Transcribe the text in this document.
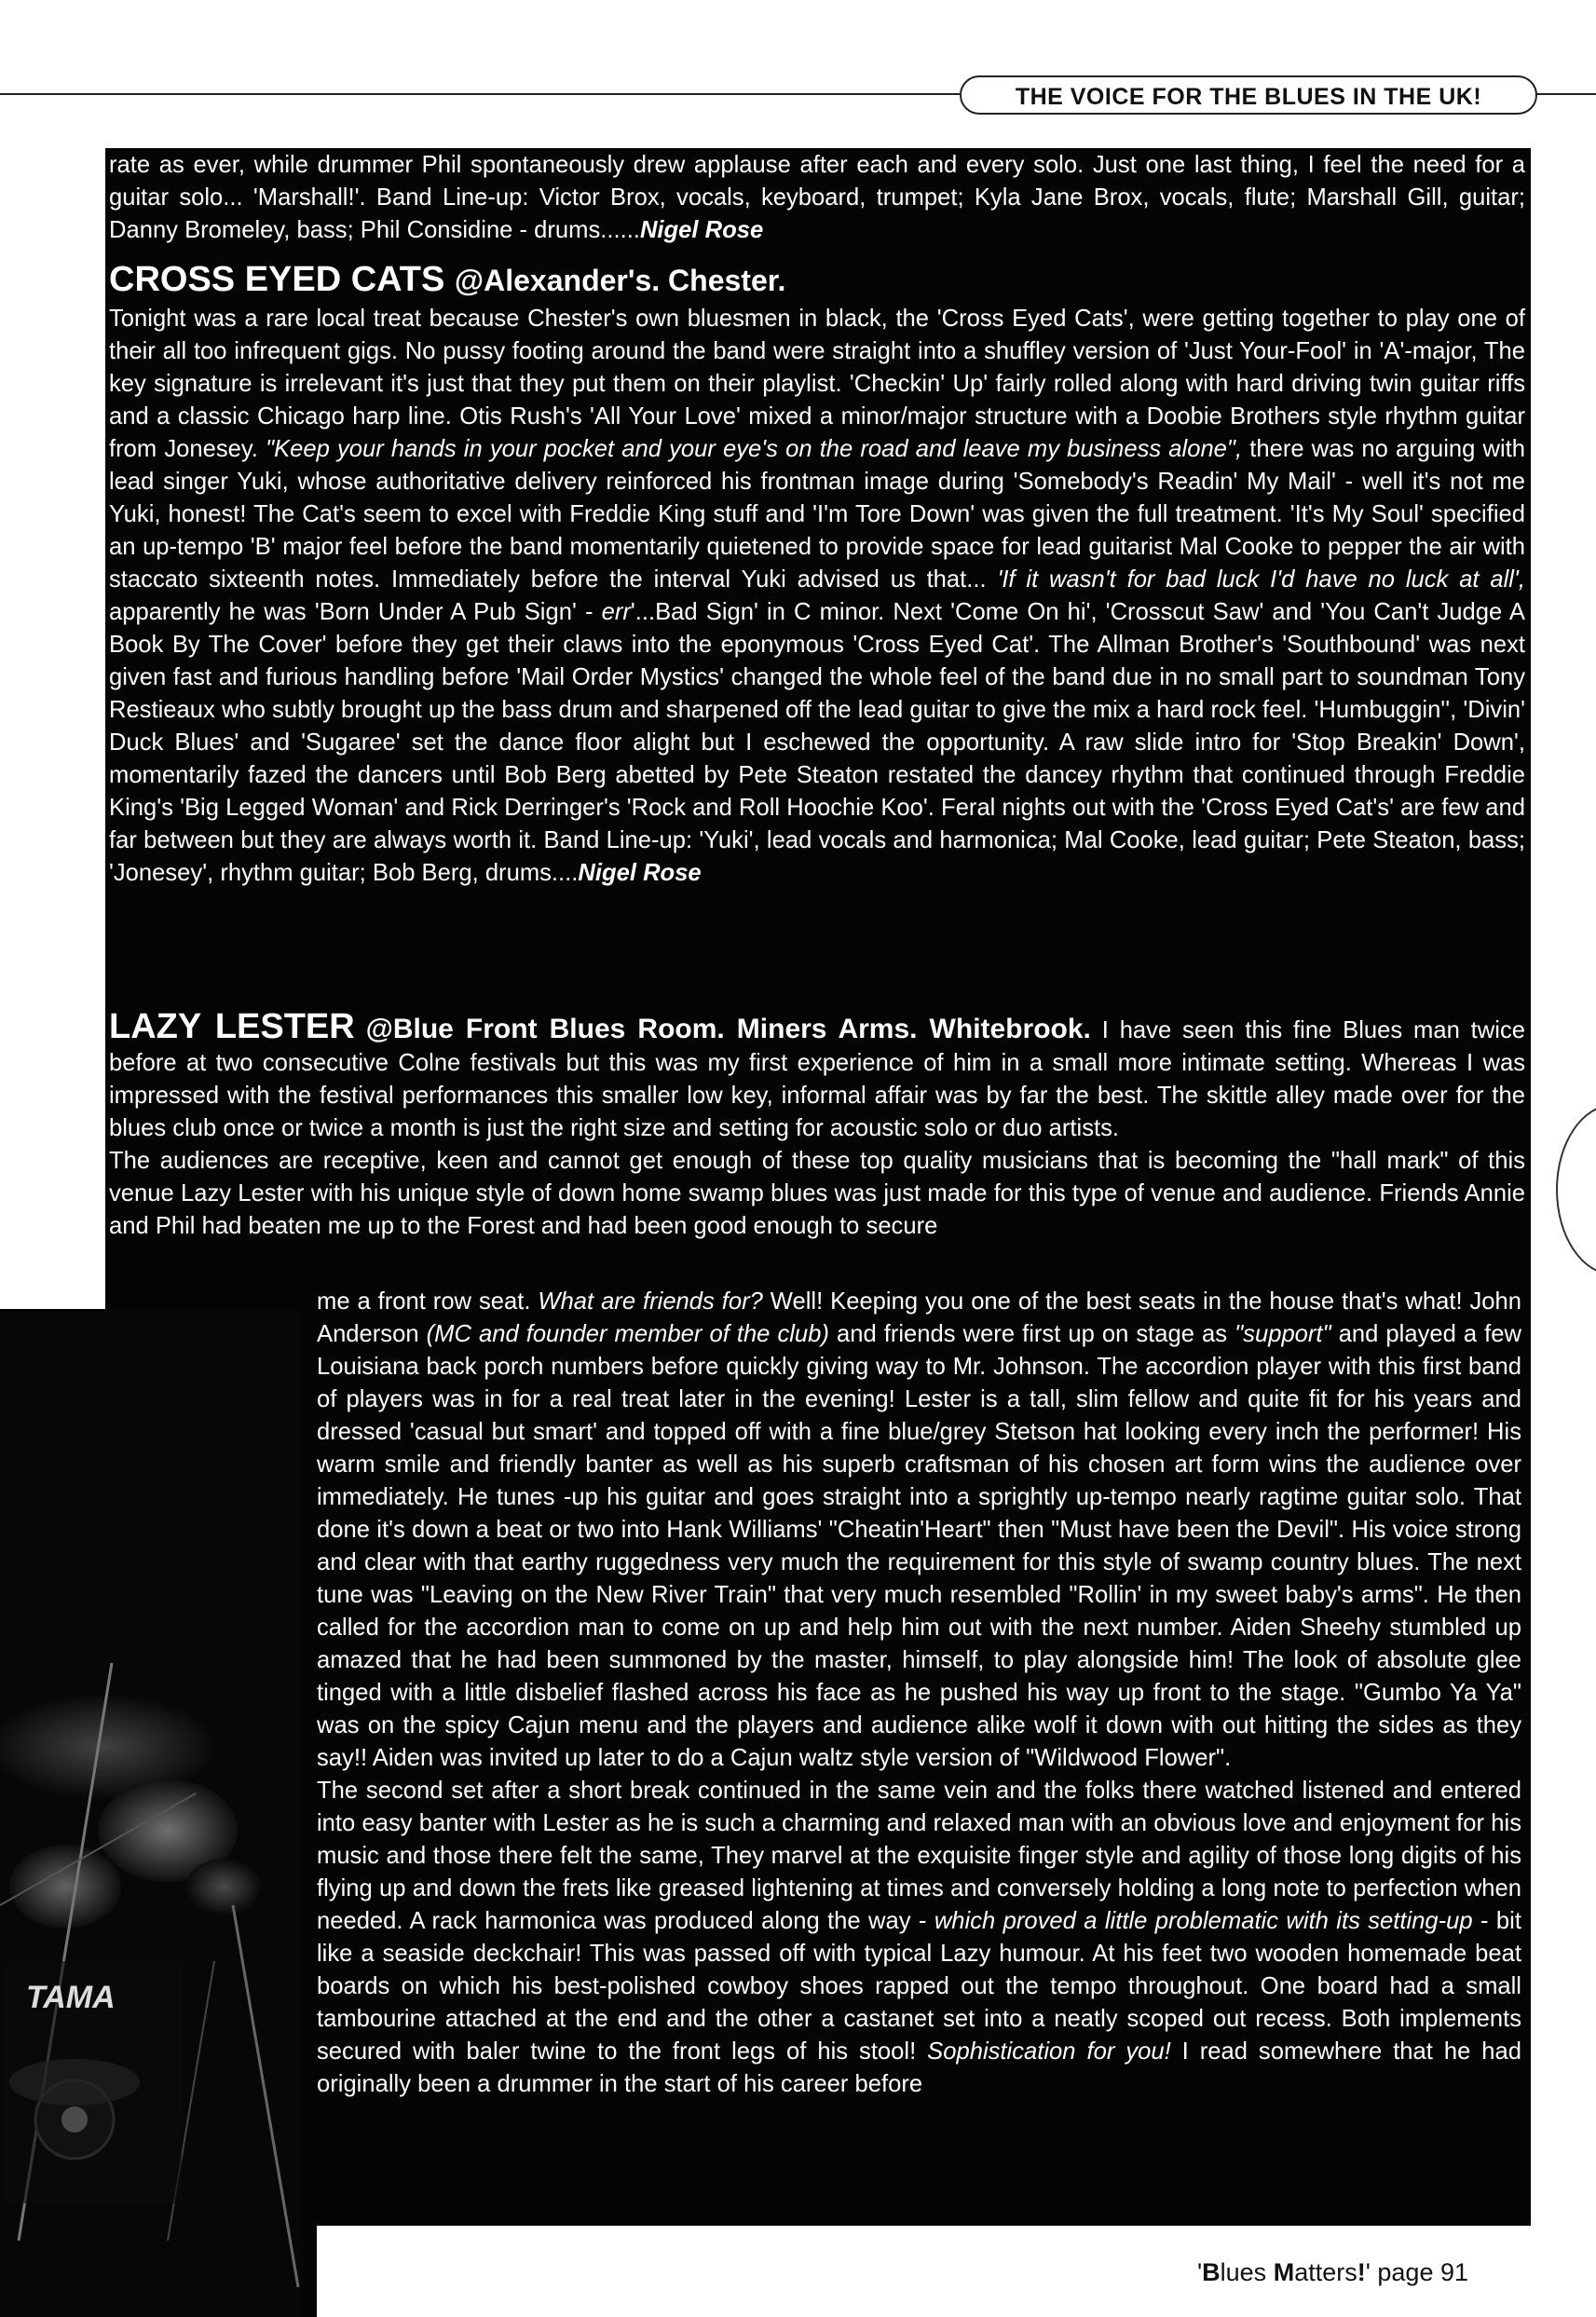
THE VOICE FOR THE BLUES IN THE UK!
TAMA

rate as ever, while drummer Phil spontaneously drew applause after each and every solo. Just one last thing, I feel the need for a guitar solo... 'Marshall!'. Band Line-up: Victor Brox, vocals, keyboard, trumpet; Kyla Jane Brox, vocals, flute; Marshall Gill, guitar; Danny Bromeley, bass; Phil Considine - drums......Nigel Rose

CROSS EYED CATS @Alexander's. Chester.

Tonight was a rare local treat because Chester's own bluesmen in black, the 'Cross Eyed Cats', were getting together to play one of their all too infrequent gigs. No pussy footing around the band were straight into a shuffley version of 'Just Your-Fool' in 'A'-major, The key signature is irrelevant it's just that they put them on their playlist. 'Checkin' Up' fairly rolled along with hard driving twin guitar riffs and a classic Chicago harp line. Otis Rush's 'All Your Love' mixed a minor/major structure with a Doobie Brothers style rhythm guitar from Jonesey. "Keep your hands in your pocket and your eye's on the road and leave my business alone", there was no arguing with lead singer Yuki, whose authoritative delivery reinforced his frontman image during 'Somebody's Readin' My Mail' - well it's not me Yuki, honest! The Cat's seem to excel with Freddie King stuff and 'I'm Tore Down' was given the full treatment. 'It's My Soul' specified an up-tempo 'B' major feel before the band momentarily quietened to provide space for lead guitarist Mal Cooke to pepper the air with staccato sixteenth notes. Immediately before the interval Yuki advised us that... 'If it wasn't for bad luck I'd have no luck at all', apparently he was 'Born Under A Pub Sign' - err'...Bad Sign' in C minor. Next 'Come On hi', 'Crosscut Saw' and 'You Can't Judge A Book By The Cover' before they get their claws into the eponymous 'Cross Eyed Cat'. The Allman Brother's 'Southbound' was next given fast and furious handling before 'Mail Order Mystics' changed the whole feel of the band due in no small part to soundman Tony Restieaux who subtly brought up the bass drum and sharpened off the lead guitar to give the mix a hard rock feel. 'Humbuggin'', 'Divin' Duck Blues' and 'Sugaree' set the dance floor alight but I eschewed the opportunity. A raw slide intro for 'Stop Breakin' Down', momentarily fazed the dancers until Bob Berg abetted by Pete Steaton restated the dancey rhythm that continued through Freddie King's 'Big Legged Woman' and Rick Derringer's 'Rock and Roll Hoochie Koo'. Feral nights out with the 'Cross Eyed Cat's' are few and far between but they are always worth it. Band Line-up: 'Yuki', lead vocals and harmonica; Mal Cooke, lead guitar; Pete Steaton, bass; 'Jonesey', rhythm guitar; Bob Berg, drums....Nigel Rose

LAZY LESTER @Blue Front Blues Room. Miners Arms. Whitebrook. I have seen this fine Blues man twice before at two consecutive Colne festivals but this was my first experience of him in a small more intimate setting. Whereas I was impressed with the festival performances this smaller low key, informal affair was by far the best. The skittle alley made over for the blues club once or twice a month is just the right size and setting for acoustic solo or duo artists.

The audiences are receptive, keen and cannot get enough of these top quality musicians that is becoming the "hall mark" of this venue Lazy Lester with his unique style of down home swamp blues was just made for this type of venue and audience. Friends Annie and Phil had beaten me up to the Forest and had been good enough to secure

me a front row seat. What are friends for? Well! Keeping you one of the best seats in the house that's what! John Anderson (MC and founder member of the club) and friends were first up on stage as "support" and played a few Louisiana back porch numbers before quickly giving way to Mr. Johnson. The accordion player with this first band of players was in for a real treat later in the evening! Lester is a tall, slim fellow and quite fit for his years and dressed 'casual but smart' and topped off with a fine blue/grey Stetson hat looking every inch the performer! His warm smile and friendly banter as well as his superb craftsman of his chosen art form wins the audience over immediately. He tunes -up his guitar and goes straight into a sprightly up-tempo nearly ragtime guitar solo. That done it's down a beat or two into Hank Williams' "Cheatin'Heart" then "Must have been the Devil". His voice strong and clear with that earthy ruggedness very much the requirement for this style of swamp country blues. The next tune was "Leaving on the New River Train" that very much resembled "Rollin' in my sweet baby's arms". He then called for the accordion man to come on up and help him out with the next number. Aiden Sheehy stumbled up amazed that he had been summoned by the master, himself, to play alongside him! The look of absolute glee tinged with a little disbelief flashed across his face as he pushed his way up front to the stage. "Gumbo Ya Ya" was on the spicy Cajun menu and the players and audience alike wolf it down with out hitting the sides as they say!! Aiden was invited up later to do a Cajun waltz style version of "Wildwood Flower".

The second set after a short break continued in the same vein and the folks there watched listened and entered into easy banter with Lester as he is such a charming and relaxed man with an obvious love and enjoyment for his music and those there felt the same, They marvel at the exquisite finger style and agility of those long digits of his flying up and down the frets like greased lightening at times and conversely holding a long note to perfection when needed. A rack harmonica was produced along the way - which proved a little problematic with its setting-up - bit like a seaside deckchair! This was passed off with typical Lazy humour. At his feet two wooden homemade beat boards on which his best-polished cowboy shoes rapped out the tempo throughout. One board had a small tambourine attached at the end and the other a castanet set into a neatly scoped out recess. Both implements secured with baler twine to the front legs of his stool! Sophistication for you! I read somewhere that he had originally been a drummer in the start of his career before

'Blues Matters!' page 91
